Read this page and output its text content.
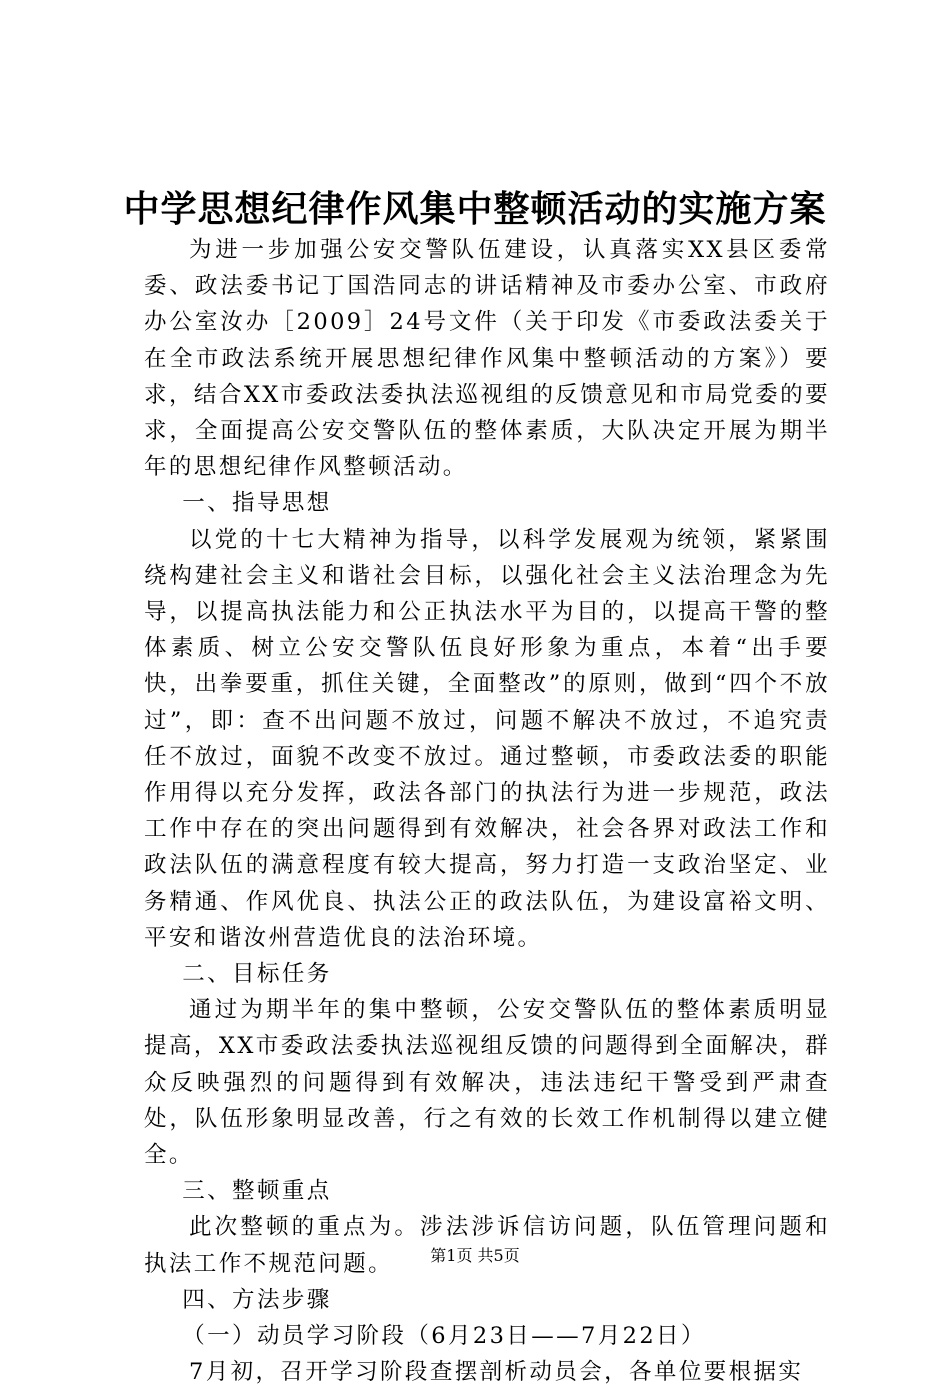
中学思想纪律作风集中整顿活动的实施方案

为进一步加强公安交警队伍建设，认真落实XX县区委常委、政法委书记丁国浩同志的讲话精神及市委办公室、市政府办公室汝办［2009］24号文件（关于印发《市委政法委关于在全市政法系统开展思想纪律作风集中整顿活动的方案》）要求，结合XX市委政法委执法巡视组的反馈意见和市局党委的要求，全面提高公安交警队伍的整体素质，大队决定开展为期半年的思想纪律作风整顿活动。

一、指导思想

以党的十七大精神为指导，以科学发展观为统领，紧紧围绕构建社会主义和谐社会目标，以强化社会主义法治理念为先导，以提高执法能力和公正执法水平为目的，以提高干警的整体素质、树立公安交警队伍良好形象为重点，本着“出手要快，出拳要重，抓住关键，全面整改”的原则，做到“四个不放过”，即：查不出问题不放过，问题不解决不放过，不追究责任不放过，面貌不改变不放过。通过整顿，市委政法委的职能作用得以充分发挥，政法各部门的执法行为进一步规范，政法工作中存在的突出问题得到有效解决，社会各界对政法工作和政法队伍的满意程度有较大提高，努力打造一支政治坚定、业务精通、作风优良、执法公正的政法队伍，为建设富裕文明、平安和谐汝州营造优良的法治环境。

二、目标任务

通过为期半年的集中整顿，公安交警队伍的整体素质明显提高，XX市委政法委执法巡视组反馈的问题得到全面解决，群众反映强烈的问题得到有效解决，违法违纪干警受到严肃查处，队伍形象明显改善，行之有效的长效工作机制得以建立健全。

三、整顿重点

此次整顿的重点为。涉法涉诉信访问题，队伍管理问题和执法工作不规范问题。

四、方法步骤

（一）动员学习阶段（6月23日——7月22日）

7月初，召开学习阶段查摆剖析动员会，各单位要根据实

第1页 共5页
